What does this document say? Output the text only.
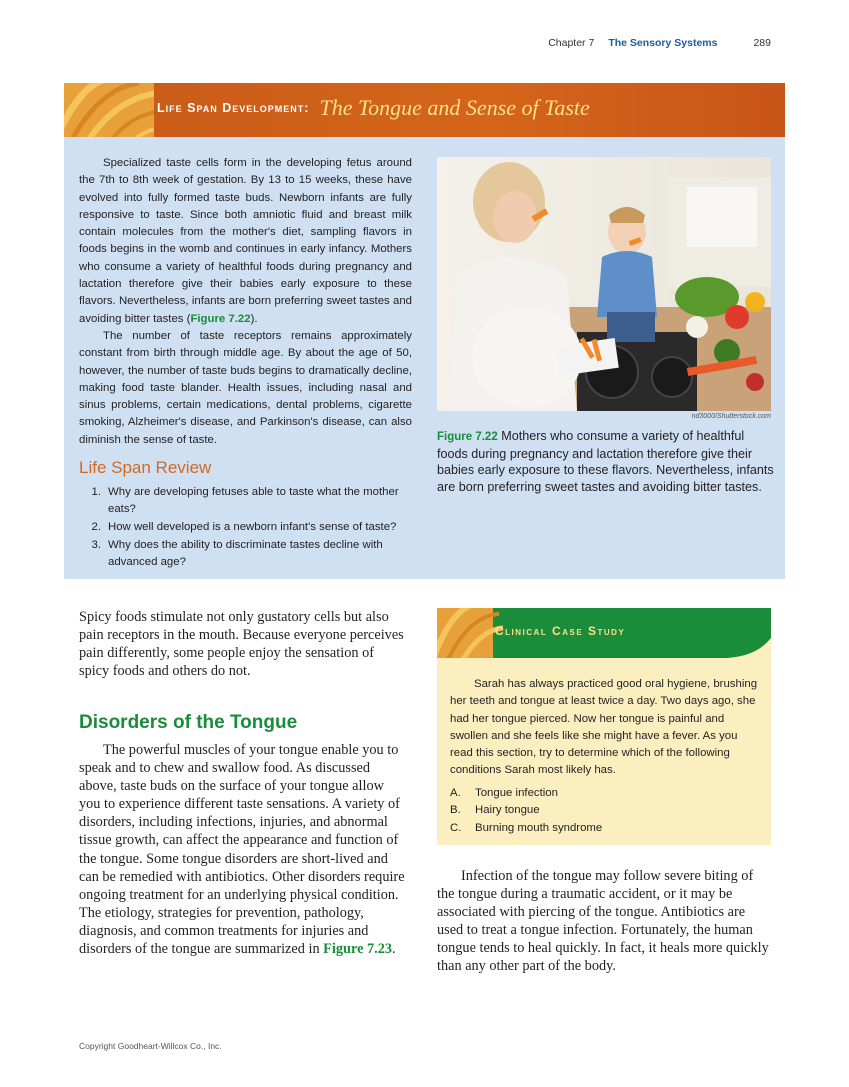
Chapter 7 The Sensory Systems	289
Life Span Development: The Tongue and Sense of Taste

Specialized taste cells form in the developing fetus around the 7th to 8th week of gestation. By 13 to 15 weeks, these have evolved into fully formed taste buds. Newborn infants are fully responsive to taste. Since both amniotic fluid and breast milk contain molecules from the mother's diet, sampling flavors in foods begins in the womb and continues in early infancy. Mothers who consume a variety of healthful foods during pregnancy and lactation therefore give their babies early exposure to these flavors. Nevertheless, infants are born preferring sweet tastes and avoiding bitter tastes (Figure 7.22).

The number of taste receptors remains approximately constant from birth through middle age. By about the age of 50, however, the number of taste buds begins to dramatically decline, making food taste blander. Health issues, including nasal and sinus problems, certain medications, dental problems, cigarette smoking, Alzheimer's disease, and Parkinson's disease, can also diminish the sense of taste.

Life Span Review
1. Why are developing fetuses able to taste what the mother eats?
2. How well developed is a newborn infant's sense of taste?
3. Why does the ability to discriminate tastes decline with advanced age?
nd3000/Shutterstock.com
Figure 7.22 Mothers who consume a variety of healthful foods during pregnancy and lactation therefore give their babies early exposure to these flavors. Nevertheless, infants are born preferring sweet tastes and avoiding bitter tastes.

Spicy foods stimulate not only gustatory cells but also pain receptors in the mouth. Because everyone perceives pain differently, some people enjoy the sensation of spicy foods and others do not.

Disorders of the Tongue

The powerful muscles of your tongue enable you to speak and to chew and swallow food. As discussed above, taste buds on the surface of your tongue allow you to experience different taste sensations. A variety of disorders, including infections, injuries, and abnormal tissue growth, can affect the appearance and function of the tongue. Some tongue disorders are short-lived and can be remedied with antibiotics. Other disorders require ongoing treatment for an underlying physical condition. The etiology, strategies for prevention, pathology, diagnosis, and common treatments for injuries and disorders of the tongue are summarized in Figure 7.23.

Clinical Case Study

Sarah has always practiced good oral hygiene, brushing her teeth and tongue at least twice a day. Two days ago, she had her tongue pierced. Now her tongue is painful and swollen and she feels like she might have a fever. As you read this section, try to determine which of the following conditions Sarah most likely has.

A.	Tongue infection
B.	Hairy tongue
C.	Burning mouth syndrome

Infection of the tongue may follow severe biting of the tongue during a traumatic accident, or it may be associated with piercing of the tongue. Antibiotics are used to treat a tongue infection. Fortunately, the human tongue tends to heal quickly. In fact, it heals more quickly than any other part of the body.

Copyright Goodheart-Willcox Co., Inc.
